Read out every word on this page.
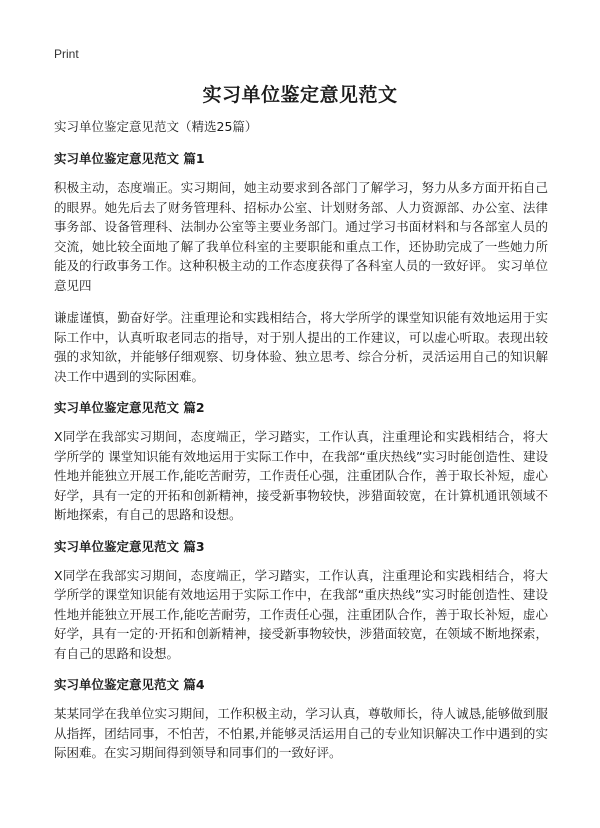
Print
实习单位鉴定意见范文

实习单位鉴定意见范文（精选25篇）

实习单位鉴定意见范文 篇1

积极主动，态度端正。实习期间，她主动要求到各部门了解学习，努力从多方面开拓自己的眼界。她先后去了财务管理科、招标办公室、计划财务部、人力资源部、办公室、法律事务部、设备管理科、法制办公室等主要业务部门。通过学习书面材料和与各部室人员的交流，她比较全面地了解了我单位科室的主要职能和重点工作，还协助完成了一些她力所能及的行政事务工作。这种积极主动的工作态度获得了各科室人员的一致好评。 实习单位意见四

谦虚谨慎，勤奋好学。注重理论和实践相结合，将大学所学的课堂知识能有效地运用于实际工作中，认真听取老同志的指导，对于别人提出的工作建议，可以虚心听取。表现出较强的求知欲，并能够仔细观察、切身体验、独立思考、综合分析，灵活运用自己的知识解决工作中遇到的实际困难。

实习单位鉴定意见范文 篇2

X同学在我部实习期间，态度端正，学习踏实，工作认真，注重理论和实践相结合，将大学所学的 课堂知识能有效地运用于实际工作中，在我部“重庆热线”实习时能创造性、建设性地并能独立开展工作,能吃苦耐劳，工作责任心强，注重团队合作，善于取长补短，虚心好学，具有一定的开拓和创新精神，接受新事物较快，涉猎面较宽，在计算机通讯领域不断地探索，有自己的思路和设想。

实习单位鉴定意见范文 篇3

X同学在我部实习期间，态度端正，学习踏实，工作认真，注重理论和实践相结合，将大学所学的课堂知识能有效地运用于实际工作中，在我部“重庆热线”实习时能创造性、建设性地并能独立开展工作,能吃苦耐劳，工作责任心强，注重团队合作，善于取长补短，虚心好学，具有一定的·开拓和创新精神，接受新事物较快，涉猎面较宽，在领域不断地探索，有自己的思路和设想。

实习单位鉴定意见范文 篇4

某某同学在我单位实习期间，工作积极主动，学习认真，尊敬师长，待人诚恳,能够做到服从指挥，团结同事，不怕苦，不怕累,并能够灵活运用自己的专业知识解决工作中遇到的实际困难。在实习期间得到领导和同事们的一致好评。
